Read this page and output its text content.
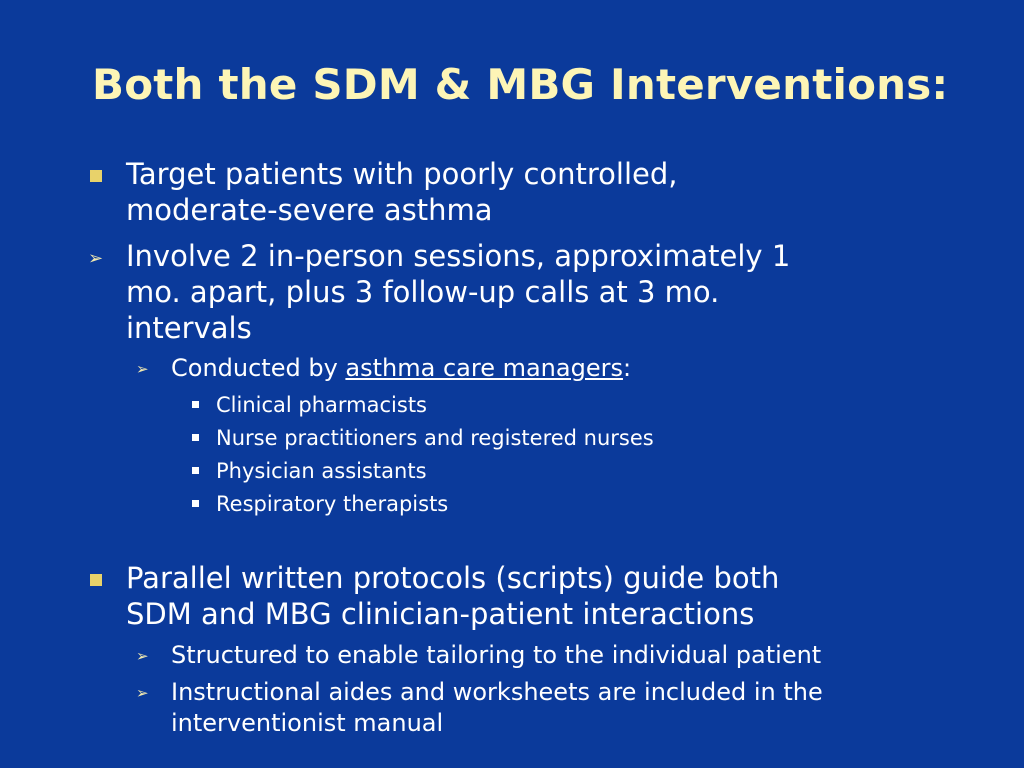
Both the SDM & MBG Interventions:
Target patients with poorly controlled,
moderate-severe asthma
➢ Involve 2 in-person sessions, approximately 1
mo. apart, plus 3 follow-up calls at 3 mo.
intervals
➢ Conducted by asthma care managers:
Clinical pharmacists
Nurse practitioners and registered nurses
Physician assistants
Respiratory therapists
Parallel written protocols (scripts) guide both
SDM and MBG clinician-patient interactions
➢ Structured to enable tailoring to the individual patient
➢ Instructional aides and worksheets are included in the
interventionist manual
